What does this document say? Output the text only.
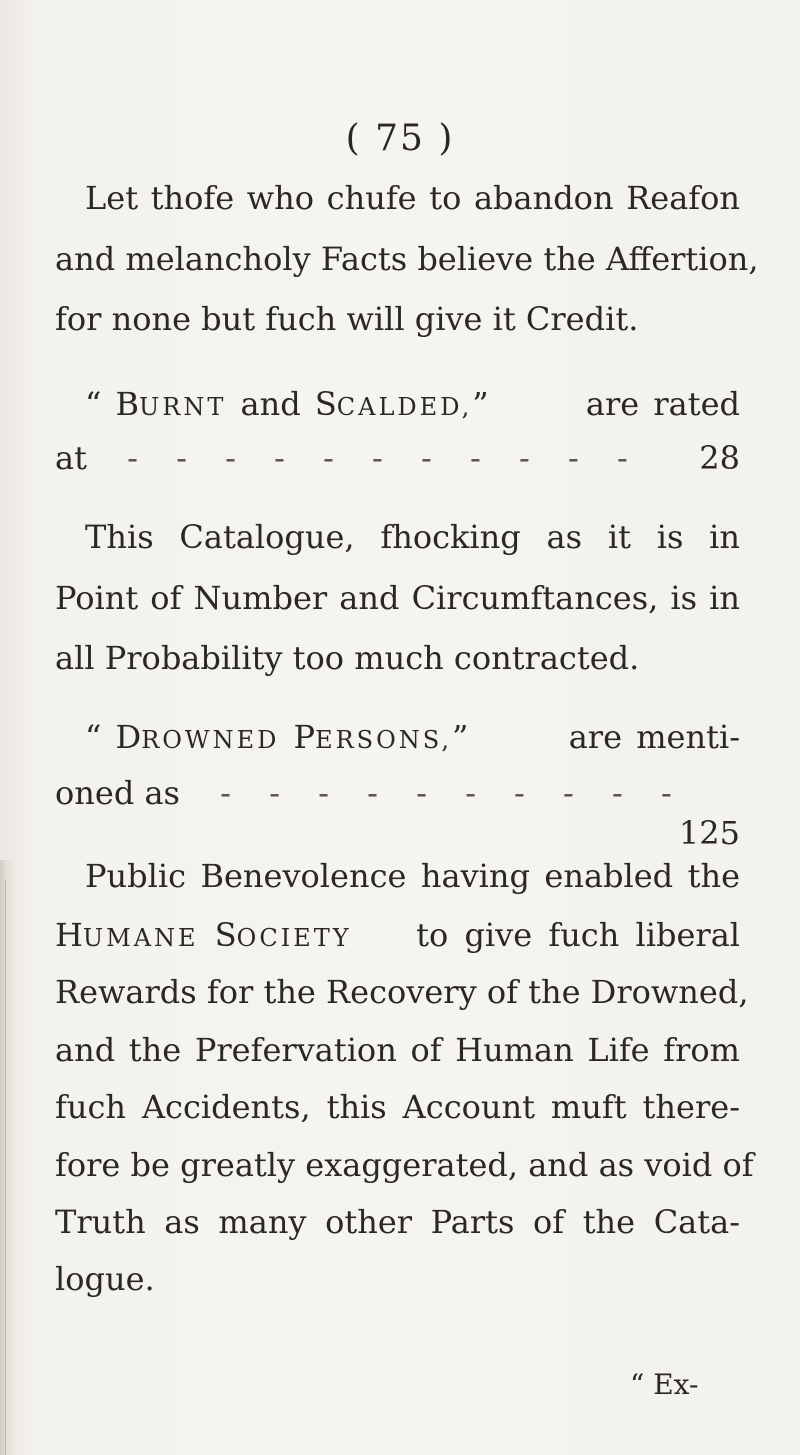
( 75 )
Let thofe who chufe to abandon Reafon
and melancholy Facts believe the Affertion,
for none but fuch will give it Credit.
“ BURNT and SCALDED,”	are rated
at - - - - - - - - - - - 28
This Catalogue, fhocking as it is in
Point of Number and Circumftances, is in
all Probability too much contracted.
“ DROWNED PERSONS,”	are menti-
oned as - - - - - - - - - -
125
Public Benevolence having enabled the
HUMANE SOCIETY to give fuch liberal
Rewards for the Recovery of the Drowned,
and the Prefervation of Human Life from
fuch Accidents, this Account muft there-
fore be greatly exaggerated, and as void of
Truth as many other Parts of the Cata-
logue.
“ Ex-
